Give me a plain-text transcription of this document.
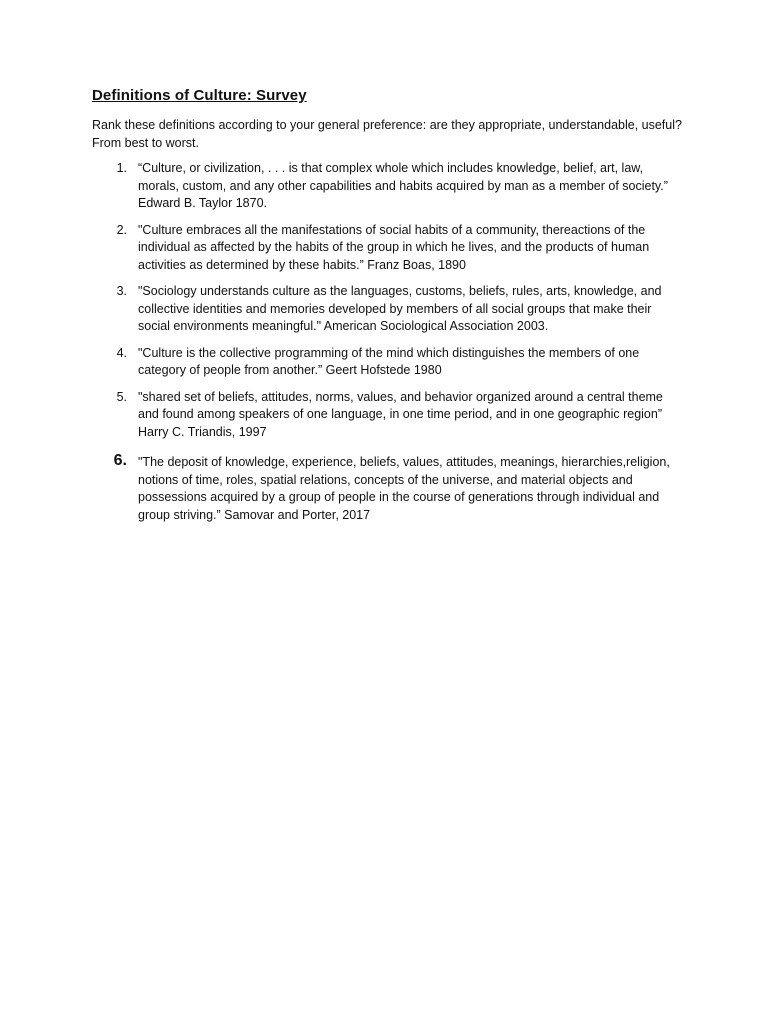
Definitions of Culture: Survey

Rank these definitions according to your general preference: are they appropriate, understandable, useful? From best to worst.

1. “Culture, or civilization, . . . is that complex whole which includes knowledge, belief, art, law, morals, custom, and any other capabilities and habits acquired by man as a member of society.” Edward B. Taylor 1870.
2. "Culture embraces all the manifestations of social habits of a community, thereactions of the individual as affected by the habits of the group in which he lives, and the products of human activities as determined by these habits.” Franz Boas, 1890
3. "Sociology understands culture as the languages, customs, beliefs, rules, arts, knowledge, and collective identities and memories developed by members of all social groups that make their social environments meaningful." American Sociological Association 2003.
4. "Culture is the collective programming of the mind which distinguishes the members of one category of people from another.” Geert Hofstede 1980
5. "shared set of beliefs, attitudes, norms, values, and behavior organized around a central theme and found among speakers of one language, in one time period, and in one geographic region” Harry C. Triandis, 1997
6. "The deposit of knowledge, experience, beliefs, values, attitudes, meanings, hierarchies,religion, notions of time, roles, spatial relations, concepts of the universe, and material objects and possessions acquired by a group of people in the course of generations through individual and group striving.” Samovar and Porter, 2017
